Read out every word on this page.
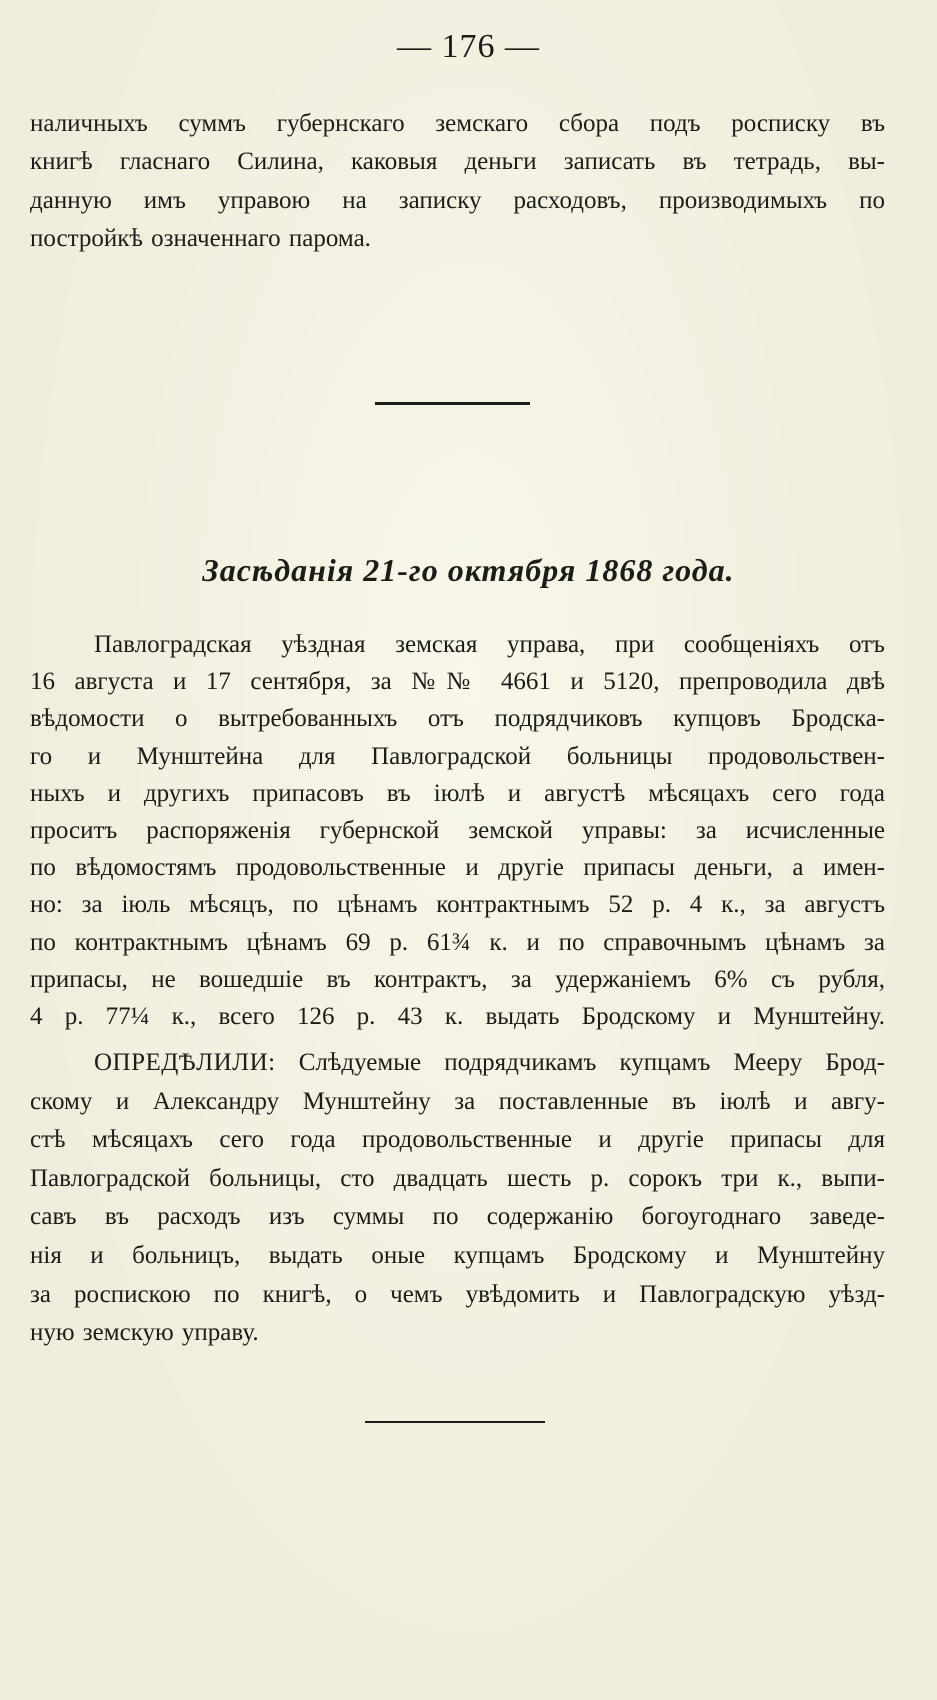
— 176 —
наличныхъ суммъ губернскаго земскаго сбора подъ росписку въ
книгѣ гласнаго Силина, каковыя деньги записать въ тетрадь, вы-
данную имъ управою на записку расходовъ, производимыхъ по
постройкѣ означеннаго парома.
Засѣданія 21-го октября 1868 года.
Павлоградская уѣздная земская управа, при сообщеніяхъ отъ
16 августа и 17 сентября, за №№ 4661 и 5120, препроводила двѣ
вѣдомости о вытребованныхъ отъ подрядчиковъ купцовъ Бродска-
го и Мунштейна для Павлоградской больницы продовольствен-
ныхъ и другихъ припасовъ въ іюлѣ и августѣ мѣсяцахъ сего года
проситъ распоряженія губернской земской управы: за исчисленные
по вѣдомостямъ продовольственные и другіе припасы деньги, а имен-
но: за іюль мѣсяцъ, по цѣнамъ контрактнымъ 52 р. 4 к., за августъ
по контрактнымъ цѣнамъ 69 р. 61¾ к. и по справочнымъ цѣнамъ за
припасы, не вошедшіе въ контрактъ, за удержаніемъ 6% съ рубля,
4 р. 77¼ к., всего 126 р. 43 к. выдать Бродскому и Мунштейну.
ОПРЕДѢЛИЛИ: Слѣдуемые подрядчикамъ купцамъ Мееру Брод-
скому и Александру Мунштейну за поставленные въ іюлѣ и авгу-
стѣ мѣсяцахъ сего года продовольственные и другіе припасы для
Павлоградской больницы, сто двадцать шесть р. сорокъ три к., выпи-
савъ въ расходъ изъ суммы по содержанію богоугоднаго заведе-
нія и больницъ, выдать оные купцамъ Бродскому и Мунштейну
за роспискою по книгѣ, о чемъ увѣдомить и Павлоградскую уѣзд-
ную земскую управу.
